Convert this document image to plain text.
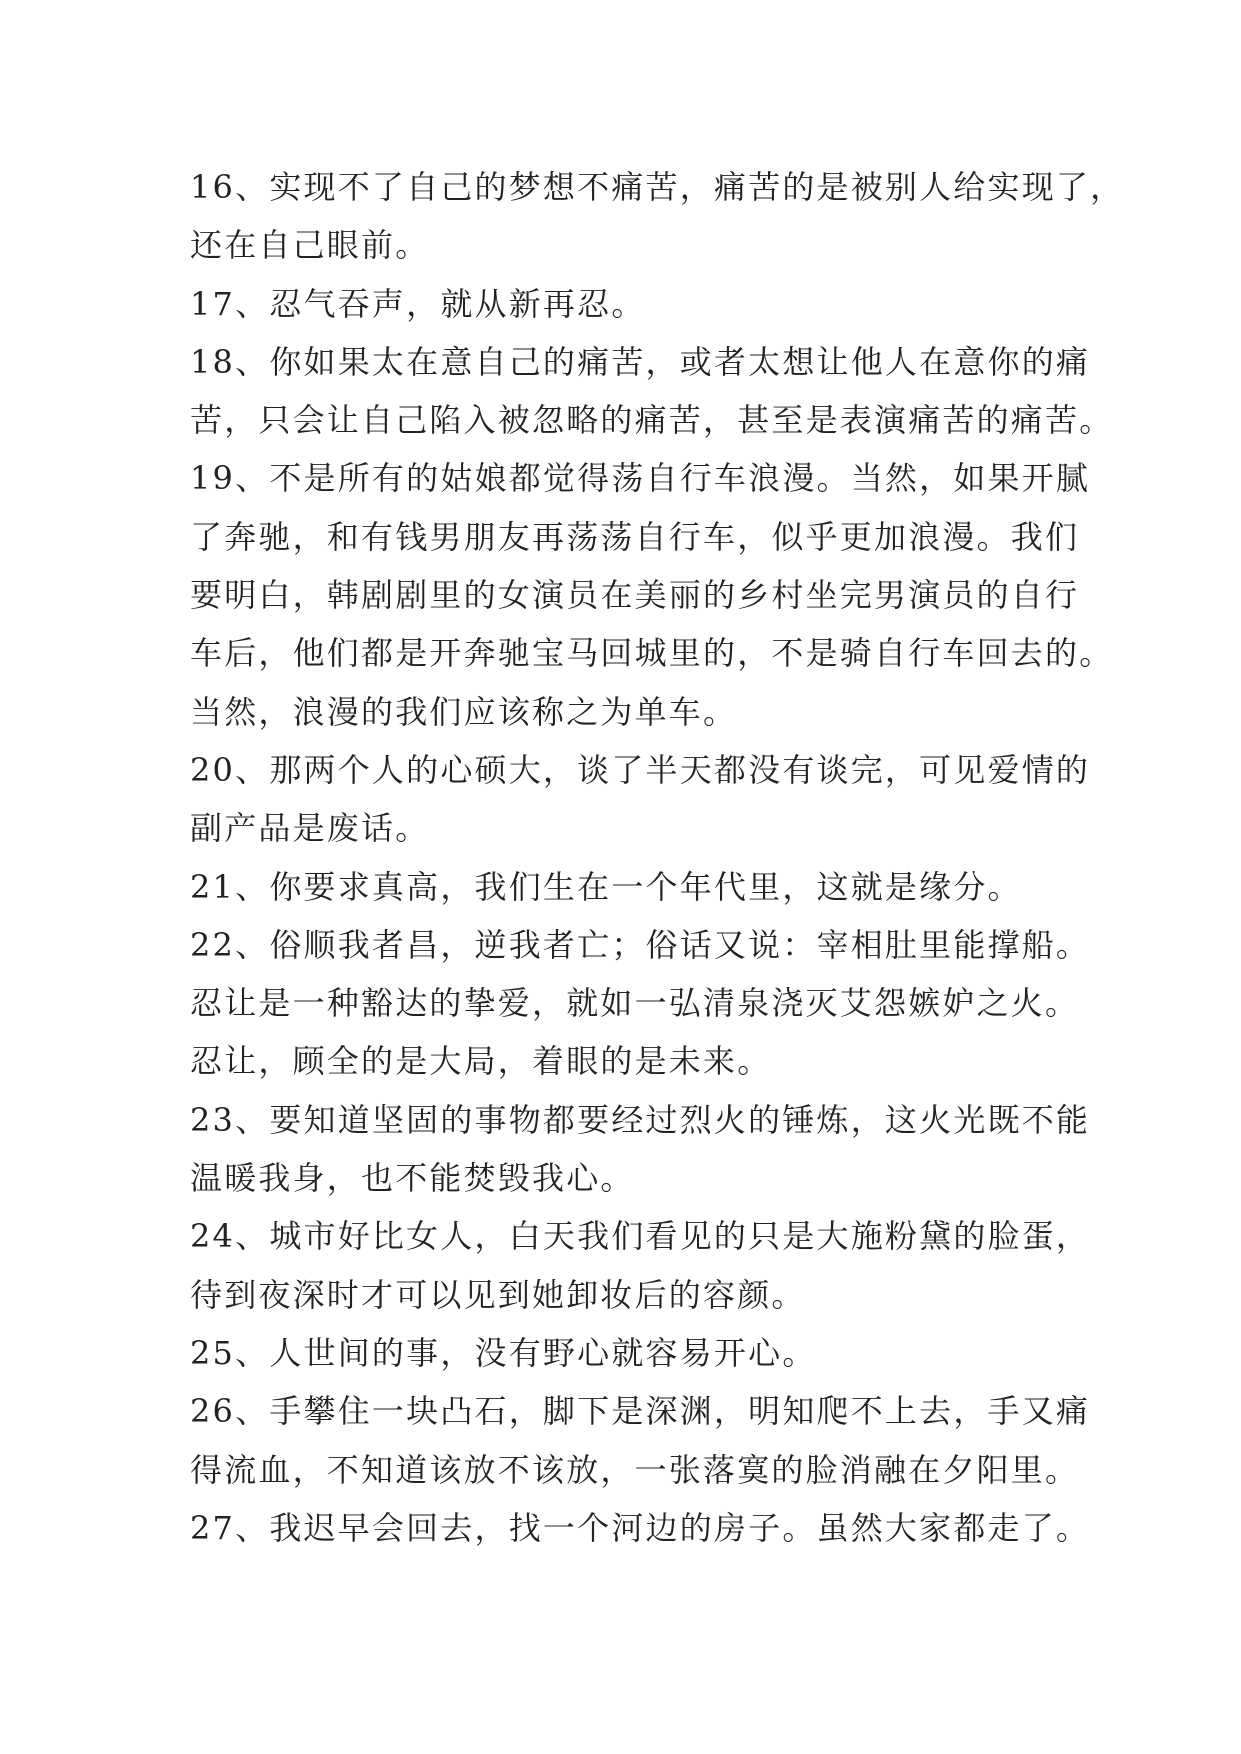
16、实现不了自己的梦想不痛苦，痛苦的是被别人给实现了，
还在自己眼前。
17、忍气吞声，就从新再忍。
18、你如果太在意自己的痛苦，或者太想让他人在意你的痛
苦，只会让自己陷入被忽略的痛苦，甚至是表演痛苦的痛苦。
19、不是所有的姑娘都觉得荡自行车浪漫。当然，如果开腻
了奔驰，和有钱男朋友再荡荡自行车，似乎更加浪漫。我们
要明白，韩剧剧里的女演员在美丽的乡村坐完男演员的自行
车后，他们都是开奔驰宝马回城里的，不是骑自行车回去的。
当然，浪漫的我们应该称之为单车。
20、那两个人的心硕大，谈了半天都没有谈完，可见爱情的
副产品是废话。
21、你要求真高，我们生在一个年代里，这就是缘分。
22、俗顺我者昌，逆我者亡；俗话又说：宰相肚里能撑船。
忍让是一种豁达的挚爱，就如一弘清泉浇灭艾怨嫉妒之火。
忍让，顾全的是大局，着眼的是未来。
23、要知道坚固的事物都要经过烈火的锤炼，这火光既不能
温暖我身，也不能焚毁我心。
24、城市好比女人，白天我们看见的只是大施粉黛的脸蛋，
待到夜深时才可以见到她卸妆后的容颜。
25、人世间的事，没有野心就容易开心。
26、手攀住一块凸石，脚下是深渊，明知爬不上去，手又痛
得流血，不知道该放不该放，一张落寞的脸消融在夕阳里。
27、我迟早会回去，找一个河边的房子。虽然大家都走了。
